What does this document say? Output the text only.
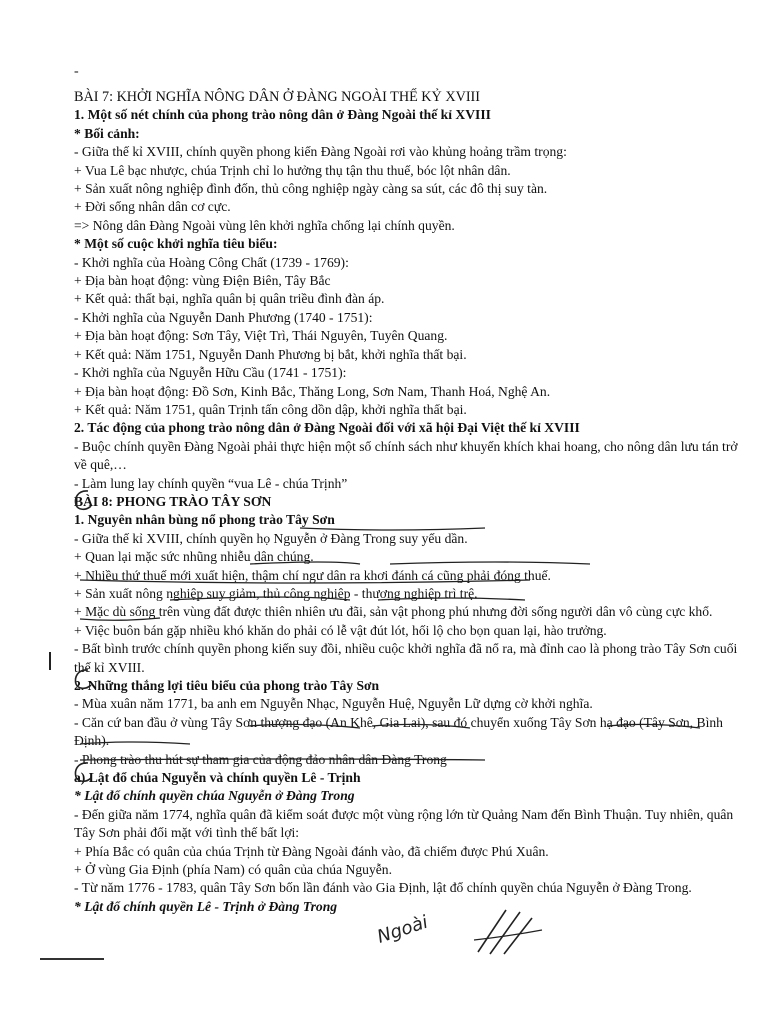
-
BÀI 7: KHỞI NGHĨA NÔNG DÂN Ở ĐÀNG NGOÀI THẾ KỶ XVIII
1. Một số nét chính của phong trào nông dân ở Đàng Ngoài thế kỉ XVIII
* Bối cảnh:
- Giữa thế kỉ XVIII, chính quyền phong kiến Đàng Ngoài rơi vào khủng hoảng trầm trọng:
+ Vua Lê bạc nhược, chúa Trịnh chỉ lo hưởng thụ tận thu thuế, bóc lột nhân dân.
+ Sản xuất nông nghiệp đình đốn, thủ công nghiệp ngày càng sa sút, các đô thị suy tàn.
+ Đời sống nhân dân cơ cực.
=> Nông dân Đàng Ngoài vùng lên khởi nghĩa chống lại chính quyền.
* Một số cuộc khởi nghĩa tiêu biểu:
- Khởi nghĩa của Hoàng Công Chất (1739 - 1769):
+ Địa bàn hoạt động: vùng Điện Biên, Tây Bắc
+ Kết quả: thất bại, nghĩa quân bị quân triều đình đàn áp.
- Khởi nghĩa của Nguyễn Danh Phương (1740 - 1751):
+ Địa bàn hoạt động: Sơn Tây, Việt Trì, Thái Nguyên, Tuyên Quang.
+ Kết quả: Năm 1751, Nguyễn Danh Phương bị bắt, khởi nghĩa thất bại.
- Khởi nghĩa của Nguyễn Hữu Cầu (1741 - 1751):
+ Địa bàn hoạt động: Đồ Sơn, Kinh Bắc, Thăng Long, Sơn Nam, Thanh Hoá, Nghệ An.
+ Kết quả: Năm 1751, quân Trịnh tấn công dồn dập, khởi nghĩa thất bại.
2. Tác động của phong trào nông dân ở Đàng Ngoài đối với xã hội Đại Việt thế kỉ XVIII
- Buộc chính quyền Đàng Ngoài phải thực hiện một số chính sách như khuyến khích khai hoang, cho nông dân lưu tán trở về quê,…
- Làm lung lay chính quyền “vua Lê - chúa Trịnh”
BÀI 8: PHONG TRÀO TÂY SƠN
1. Nguyên nhân bùng nổ phong trào Tây Sơn
- Giữa thế kỉ XVIII, chính quyền họ Nguyễn ở Đàng Trong suy yếu dần.
+ Quan lại mặc sức nhũng nhiễu dân chúng.
+ Nhiều thứ thuế mới xuất hiện, thậm chí ngư dân ra khơi đánh cá cũng phải đóng thuế.
+ Sản xuất nông nghiệp suy giảm, thủ công nghiệp - thương nghiệp trì trệ.
+ Mặc dù sống trên vùng đất được thiên nhiên ưu đãi, sản vật phong phú nhưng đời sống người dân vô cùng cực khổ.
+ Việc buôn bán gặp nhiều khó khăn do phải có lễ vật đút lót, hối lộ cho bọn quan lại, hào trưởng.
- Bất bình trước chính quyền phong kiến suy đồi, nhiều cuộc khởi nghĩa đã nổ ra, mà đỉnh cao là phong trào Tây Sơn cuối thế kỉ XVIII.
2. Những thắng lợi tiêu biểu của phong trào Tây Sơn
- Mùa xuân năm 1771, ba anh em Nguyễn Nhạc, Nguyễn Huệ, Nguyễn Lữ dựng cờ khởi nghĩa.
- Căn cứ ban đầu ở vùng Tây Sơn thượng đạo (An Khê, Gia Lai), sau đó chuyển xuống Tây Sơn hạ đạo (Tây Sơn, Bình Định).
- Phong trào thu hút sự tham gia của động đảo nhân dân Đàng Trong
a) Lật đổ chúa Nguyễn và chính quyền Lê - Trịnh
* Lật đổ chính quyền chúa Nguyễn ở Đàng Trong
- Đến giữa năm 1774, nghĩa quân đã kiểm soát được một vùng rộng lớn từ Quảng Nam đến Bình Thuận. Tuy nhiên, quân Tây Sơn phải đối mặt với tình thế bất lợi:
+ Phía Bắc có quân của chúa Trịnh từ Đàng Ngoài đánh vào, đã chiếm được Phú Xuân.
+ Ở vùng Gia Định (phía Nam) có quân của chúa Nguyễn.
- Từ năm 1776 - 1783, quân Tây Sơn bốn lần đánh vào Gia Định, lật đổ chính quyền chúa Nguyễn ở Đàng Trong.
* Lật đổ chính quyền Lê - Trịnh ở Đàng Trong
Ngoài
